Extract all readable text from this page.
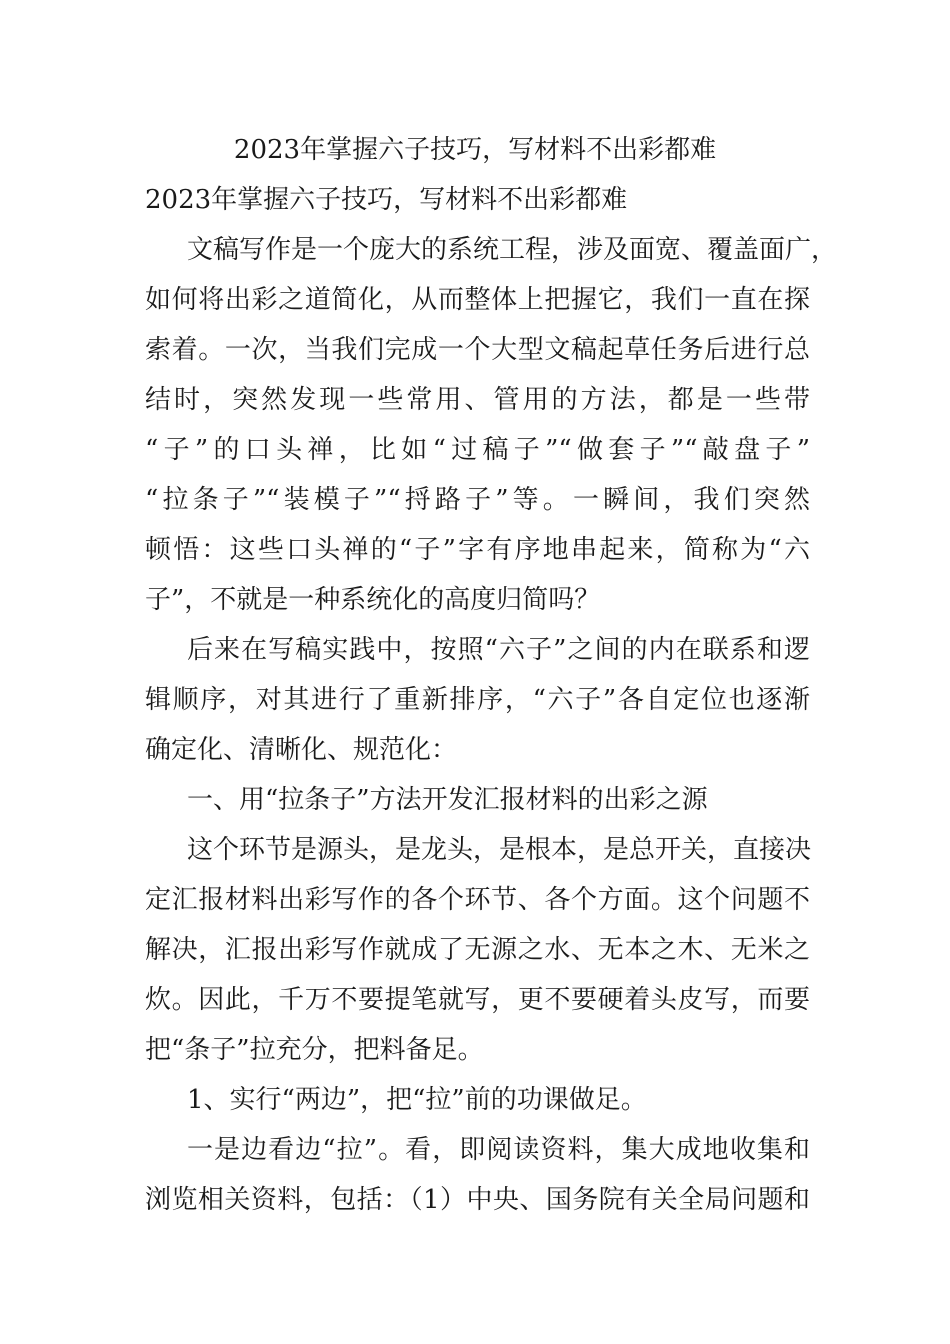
2023年掌握六子技巧，写材料不出彩都难
2023年掌握六子技巧，写材料不出彩都难
文稿写作是一个庞大的系统工程，涉及面宽、覆盖面广，
如何将出彩之道简化，从而整体上把握它，我们一直在探
索着。一次，当我们完成一个大型文稿起草任务后进行总
结时，突然发现一些常用、管用的方法，都是一些带
“子”的口头禅，比如“过稿子”“做套子”“敲盘子”
“拉条子”“装模子”“捋路子”等。一瞬间，我们突然
顿悟：这些口头禅的“子”字有序地串起来，简称为“六
子”，不就是一种系统化的高度归简吗？
后来在写稿实践中，按照“六子”之间的内在联系和逻
辑顺序，对其进行了重新排序，“六子”各自定位也逐渐
确定化、清晰化、规范化：
一、用“拉条子”方法开发汇报材料的出彩之源
这个环节是源头，是龙头，是根本，是总开关，直接决
定汇报材料出彩写作的各个环节、各个方面。这个问题不
解决，汇报出彩写作就成了无源之水、无本之木、无米之
炊。因此，千万不要提笔就写，更不要硬着头皮写，而要
把“条子”拉充分，把料备足。
1、实行“两边”，把“拉”前的功课做足。
一是边看边“拉”。看，即阅读资料，集大成地收集和
浏览相关资料，包括：（1）中央、国务院有关全局问题和
